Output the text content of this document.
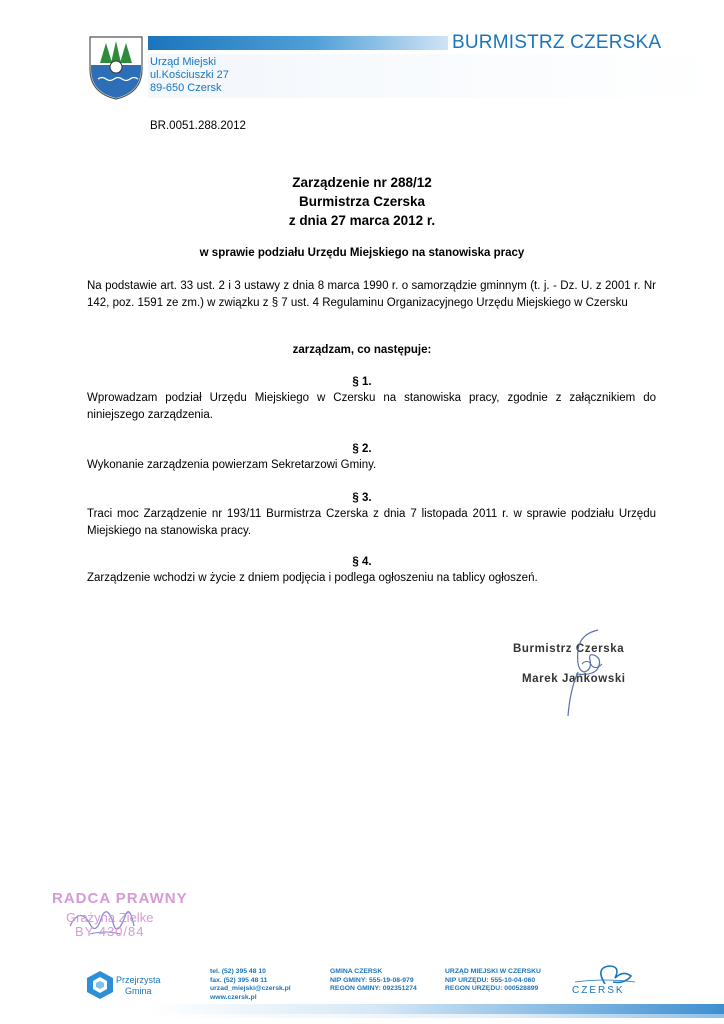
BURMISTRZ CZERSKA
Urząd Miejski
ul.Kościuszki 27
89-650 Czersk
BR.0051.288.2012
Zarządzenie nr 288/12
Burmistrza Czerska
z dnia 27 marca 2012 r.
w sprawie podziału Urzędu Miejskiego na stanowiska pracy
Na podstawie art. 33 ust. 2 i 3 ustawy z dnia 8 marca 1990 r. o samorządzie gminnym (t. j. - Dz. U. z 2001 r. Nr 142, poz. 1591 ze zm.) w związku z § 7 ust. 4 Regulaminu Organizacyjnego Urzędu Miejskiego w Czersku
zarządzam, co następuje:
§ 1.
Wprowadzam podział Urzędu Miejskiego w Czersku na stanowiska pracy, zgodnie z załącznikiem do niniejszego zarządzenia.
§ 2.
Wykonanie zarządzenia powierzam Sekretarzowi Gminy.
§ 3.
Traci moc Zarządzenie nr 193/11 Burmistrza Czerska z dnia 7 listopada 2011 r. w sprawie podziału Urzędu Miejskiego na stanowiska pracy.
§ 4.
Zarządzenie wchodzi w życie z dniem podjęcia i podlega ogłoszeniu na tablicy ogłoszeń.
Burmistrz Czerska
Marek Jankowski
RADCA PRAWNY
Grażyna Zielke
BY 430/84
Przejrzysta
Gmina
tel. (52) 395 48 10
fax. (52) 395 48 11
urzad_miejski@czersk.pl
www.czersk.pl
GMINA CZERSK
NIP GMINY: 555-19-08-979
REGON GMINY: 092351274
URZĄD MIEJSKI W CZERSKU
NIP URZĘDU: 555-10-04-060
REGON URZĘDU: 000528899	CZERSK
